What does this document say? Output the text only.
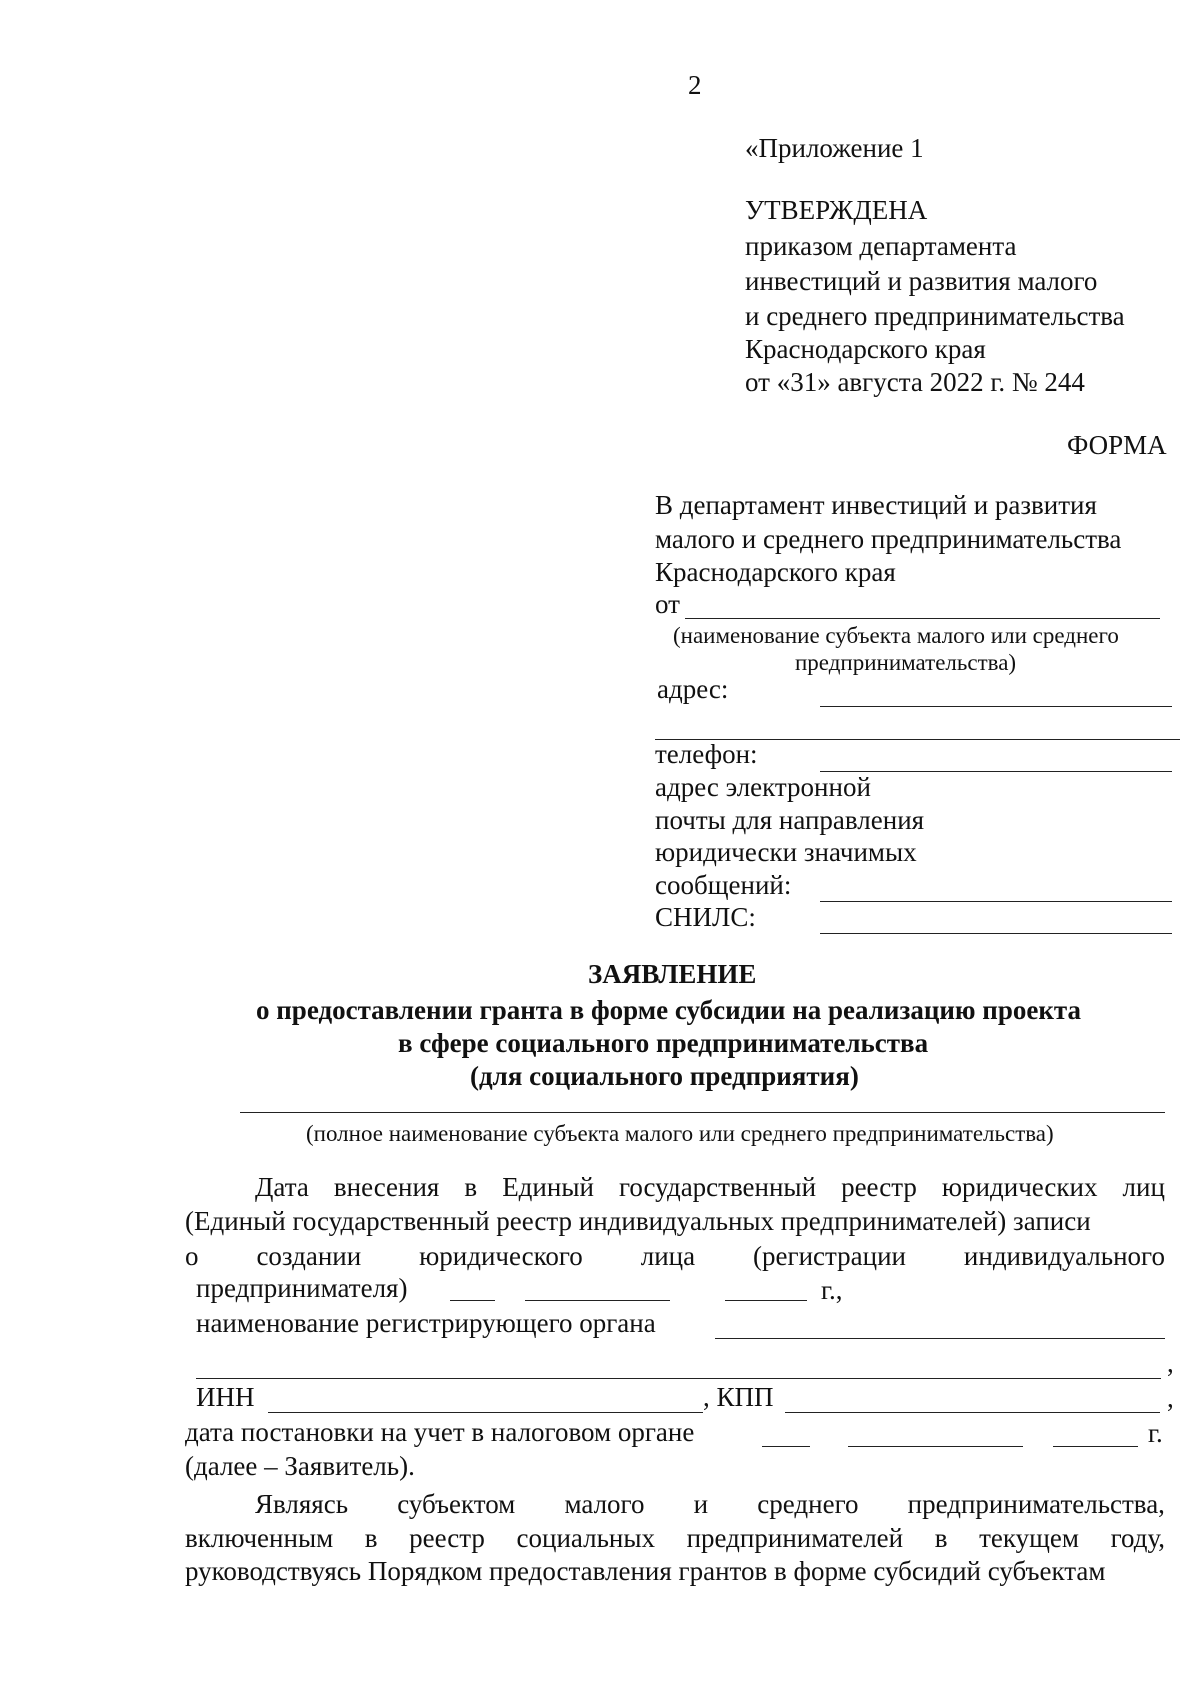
2
«Приложение 1
УТВЕРЖДЕНА
приказом департамента
инвестиций и развития малого
и среднего предпринимательства
Краснодарского края
от «31» августа 2022 г. № 244
ФОРМА
В департамент инвестиций и развития
малого и среднего предпринимательства
Краснодарского края
от
(наименование субъекта малого или среднего
предпринимательства)
адрес:
телефон:
адрес электронной
почты для направления
юридически значимых
сообщений:
СНИЛС:
ЗАЯВЛЕНИЕ
о предоставлении гранта в форме субсидии на реализацию проекта
в сфере социального предпринимательства
(для социального предприятия)
(полное наименование субъекта малого или среднего предпринимательства)
Дата внесения в Единый государственный реестр юридических лиц
(Единый государственный реестр индивидуальных предпринимателей) записи
о создании юридического лица (регистрации индивидуального
предпринимателя)	г.,
наименование регистрирующего органа
,
ИНН	, КПП	,
дата постановки на учет в налоговом органе	г.
(далее – Заявитель).
Являясь субъектом малого и среднего предпринимательства,
включенным в реестр социальных предпринимателей в текущем году,
руководствуясь Порядком предоставления грантов в форме субсидий субъектам
